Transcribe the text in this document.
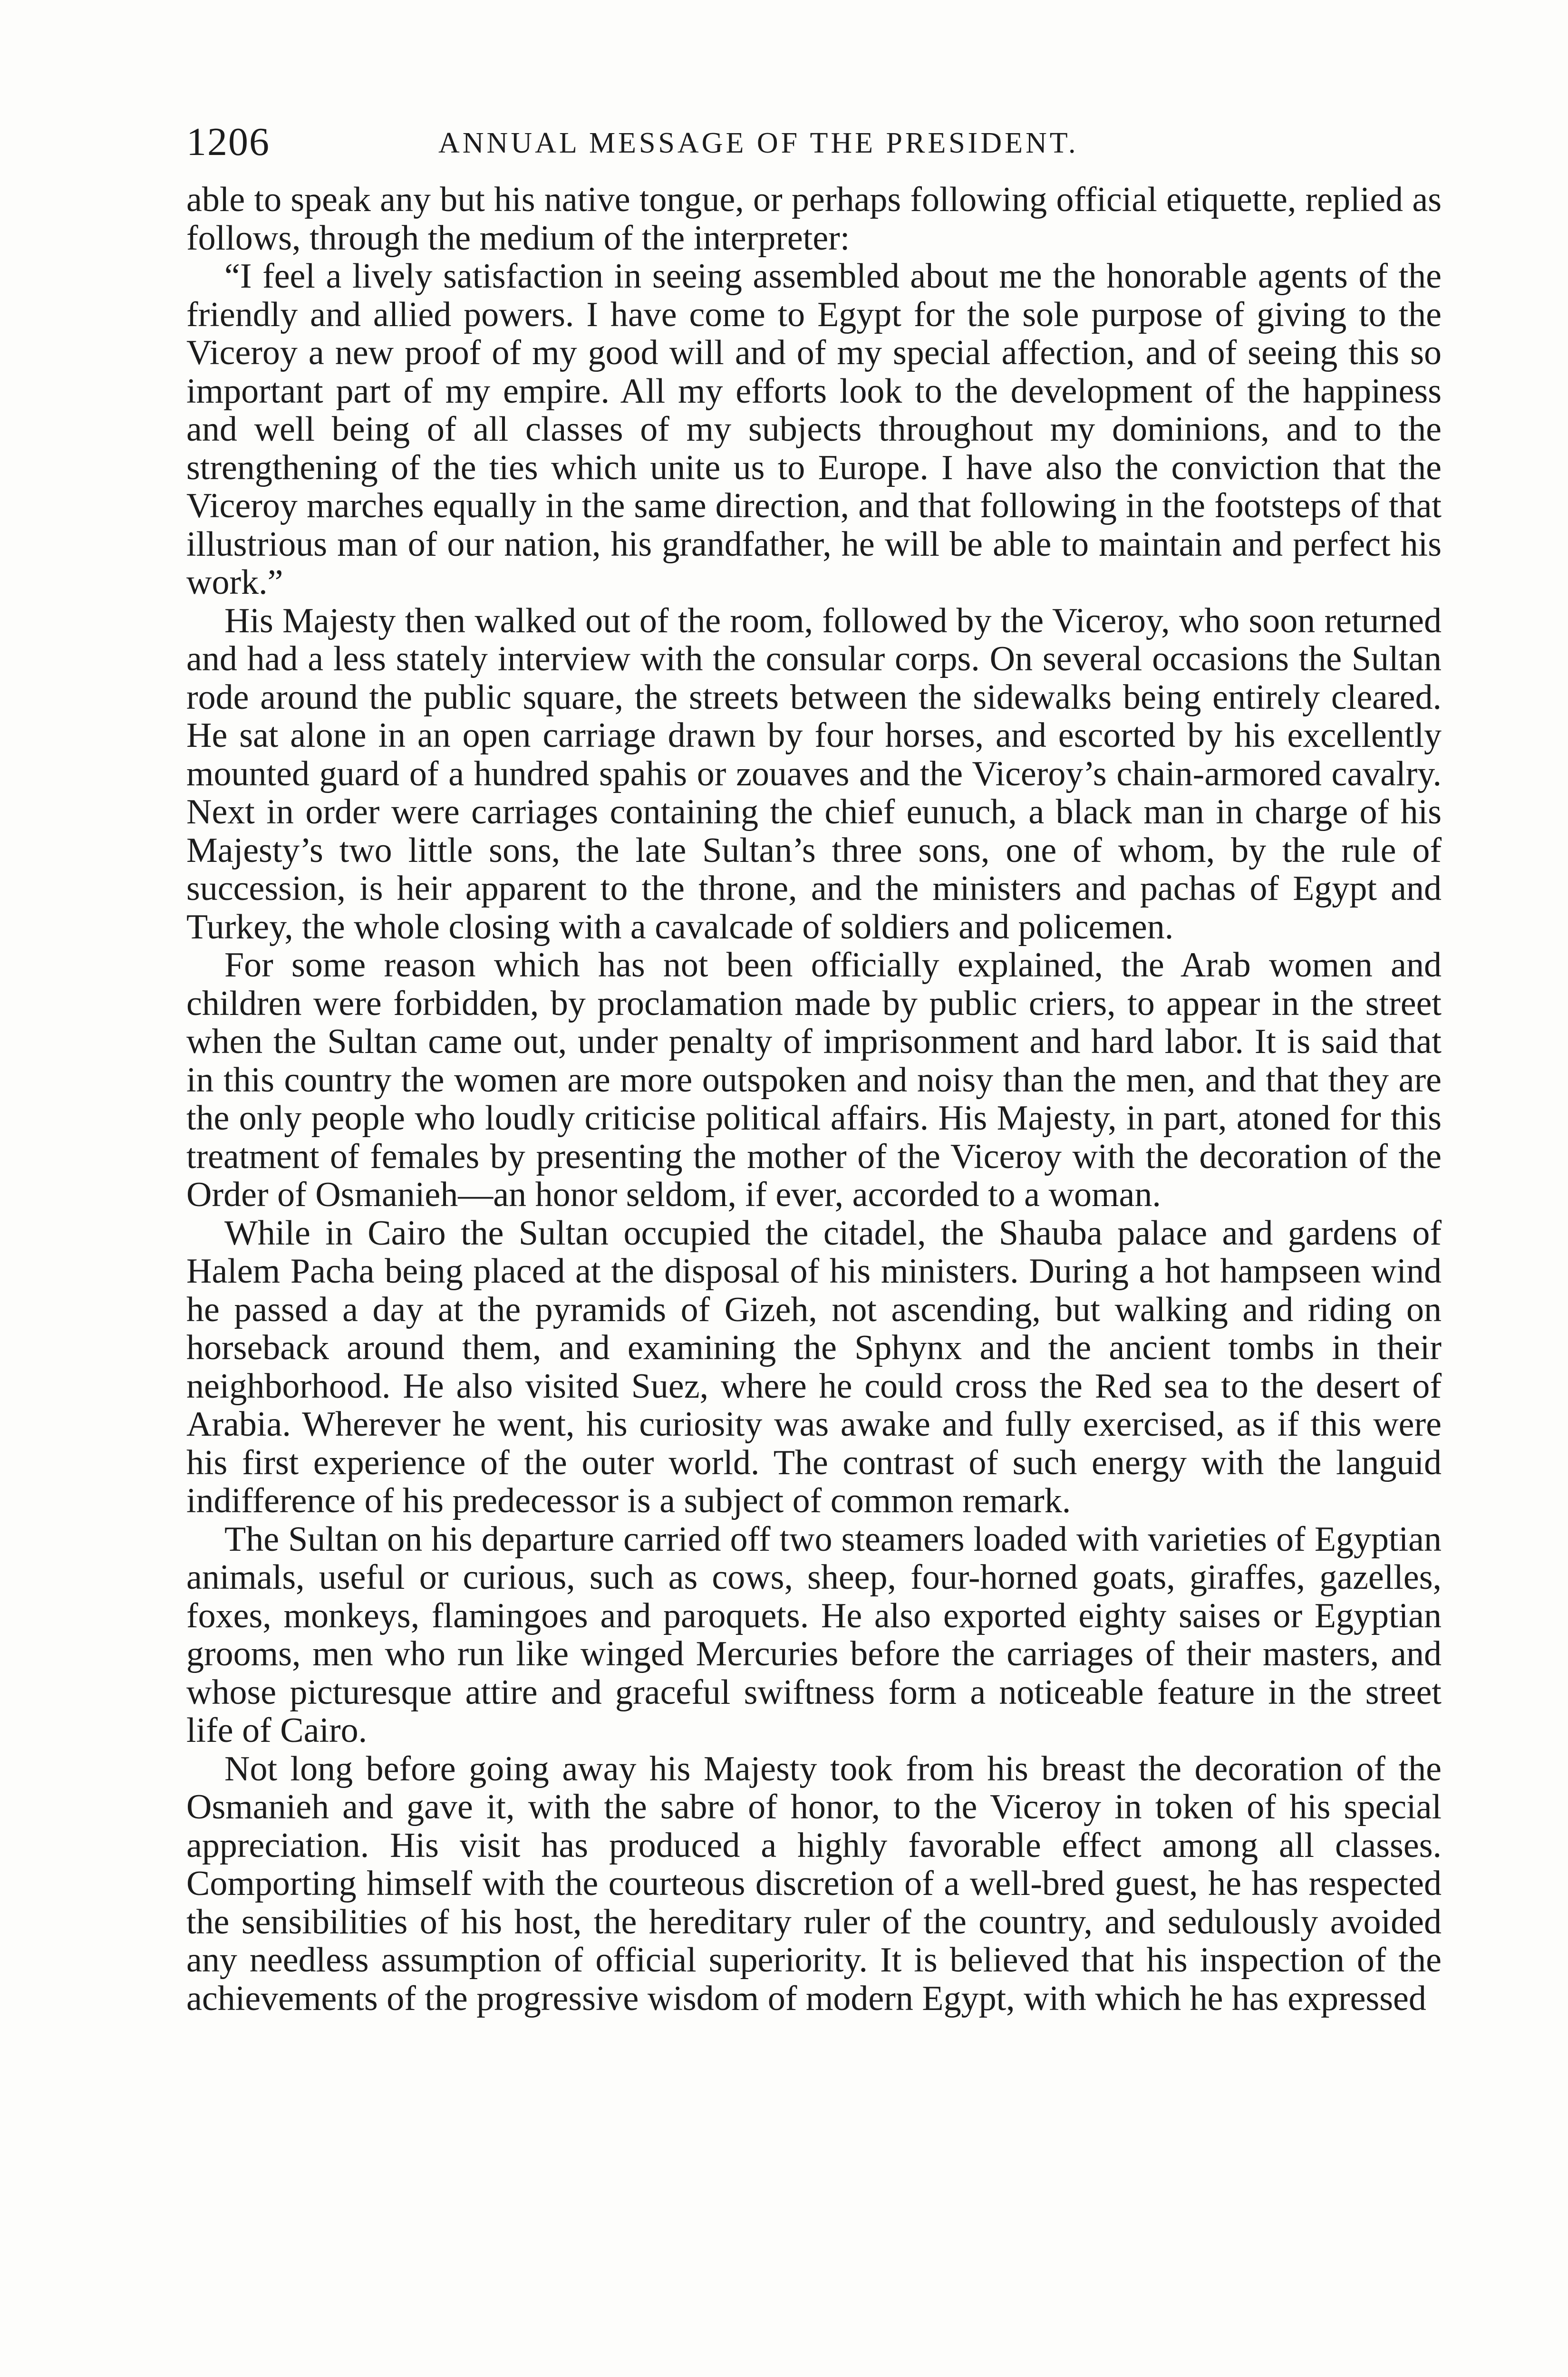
1206	ANNUAL MESSAGE OF THE PRESIDENT.

able to speak any but his native tongue, or perhaps following official etiquette, replied as follows, through the medium of the interpreter:

“I feel a lively satisfaction in seeing assembled about me the honorable agents of the friendly and allied powers. I have come to Egypt for the sole purpose of giving to the Viceroy a new proof of my good will and of my special affection, and of seeing this so important part of my empire. All my efforts look to the development of the happiness and well being of all classes of my subjects throughout my dominions, and to the strengthening of the ties which unite us to Europe. I have also the conviction that the Viceroy marches equally in the same direction, and that following in the footsteps of that illustrious man of our nation, his grandfather, he will be able to maintain and perfect his work.”

His Majesty then walked out of the room, followed by the Viceroy, who soon returned and had a less stately interview with the consular corps. On several occasions the Sultan rode around the public square, the streets between the sidewalks being entirely cleared. He sat alone in an open carriage drawn by four horses, and escorted by his excellently mounted guard of a hundred spahis or zouaves and the Viceroy’s chain-armored cavalry. Next in order were carriages containing the chief eunuch, a black man in charge of his Majesty’s two little sons, the late Sultan’s three sons, one of whom, by the rule of succession, is heir apparent to the throne, and the ministers and pachas of Egypt and Turkey, the whole closing with a cavalcade of soldiers and policemen.

For some reason which has not been officially explained, the Arab women and children were forbidden, by proclamation made by public criers, to appear in the street when the Sultan came out, under penalty of imprisonment and hard labor. It is said that in this country the women are more outspoken and noisy than the men, and that they are the only people who loudly criticise political affairs. His Majesty, in part, atoned for this treatment of females by presenting the mother of the Viceroy with the decoration of the Order of Osmanieh—an honor seldom, if ever, accorded to a woman.

While in Cairo the Sultan occupied the citadel, the Shauba palace and gardens of Halem Pacha being placed at the disposal of his ministers. During a hot hampseen wind he passed a day at the pyramids of Gizeh, not ascending, but walking and riding on horseback around them, and examining the Sphynx and the ancient tombs in their neighborhood. He also visited Suez, where he could cross the Red sea to the desert of Arabia. Wherever he went, his curiosity was awake and fully exercised, as if this were his first experience of the outer world. The contrast of such energy with the languid indifference of his predecessor is a subject of common remark.

The Sultan on his departure carried off two steamers loaded with varieties of Egyptian animals, useful or curious, such as cows, sheep, four-horned goats, giraffes, gazelles, foxes, monkeys, flamingoes and paroquets. He also exported eighty saises or Egyptian grooms, men who run like winged Mercuries before the carriages of their masters, and whose picturesque attire and graceful swiftness form a noticeable feature in the street life of Cairo.

Not long before going away his Majesty took from his breast the decoration of the Osmanieh and gave it, with the sabre of honor, to the Viceroy in token of his special appreciation. His visit has produced a highly favorable effect among all classes. Comporting himself with the courteous discretion of a well-bred guest, he has respected the sensibilities of his host, the hereditary ruler of the country, and sedulously avoided any needless assumption of official superiority. It is believed that his inspection of the achievements of the progressive wisdom of modern Egypt, with which he has expressed
